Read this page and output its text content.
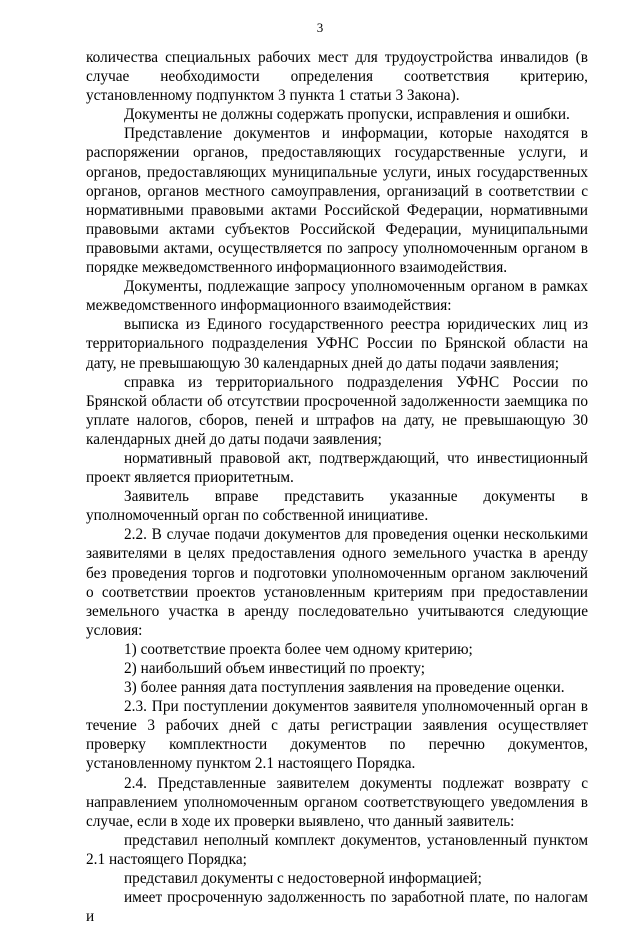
3

количества специальных рабочих мест для трудоустройства инвалидов (в случае необходимости определения соответствия критерию, установленному подпунктом 3 пункта 1 статьи 3 Закона).

Документы не должны содержать пропуски, исправления и ошибки.

Представление документов и информации, которые находятся в распоряжении органов, предоставляющих государственные услуги, и органов, предоставляющих муниципальные услуги, иных государственных органов, органов местного самоуправления, организаций в соответствии с нормативными правовыми актами Российской Федерации, нормативными правовыми актами субъектов Российской Федерации, муниципальными правовыми актами, осуществляется по запросу уполномоченным органом в порядке межведомственного информационного взаимодействия.

Документы, подлежащие запросу уполномоченным органом в рамках межведомственного информационного взаимодействия:

выписка из Единого государственного реестра юридических лиц из территориального подразделения УФНС России по Брянской области на дату, не превышающую 30 календарных дней до даты подачи заявления;

справка из территориального подразделения УФНС России по Брянской области об отсутствии просроченной задолженности заемщика по уплате налогов, сборов, пеней и штрафов на дату, не превышающую 30 календарных дней до даты подачи заявления;

нормативный правовой акт, подтверждающий, что инвестиционный проект является приоритетным.

Заявитель вправе представить указанные документы в уполномоченный орган по собственной инициативе.

2.2. В случае подачи документов для проведения оценки несколькими заявителями в целях предоставления одного земельного участка в аренду без проведения торгов и подготовки уполномоченным органом заключений о соответствии проектов установленным критериям при предоставлении земельного участка в аренду последовательно учитываются следующие условия:

1) соответствие проекта более чем одному критерию;

2) наибольший объем инвестиций по проекту;

3) более ранняя дата поступления заявления на проведение оценки.

2.3. При поступлении документов заявителя уполномоченный орган в течение 3 рабочих дней с даты регистрации заявления осуществляет проверку комплектности документов по перечню документов, установленному пунктом 2.1 настоящего Порядка.

2.4. Представленные заявителем документы подлежат возврату с направлением уполномоченным органом соответствующего уведомления в случае, если в ходе их проверки выявлено, что данный заявитель:

представил неполный комплект документов, установленный пунктом 2.1 настоящего Порядка;

представил документы с недостоверной информацией;

имеет просроченную задолженность по заработной плате, по налогам и
